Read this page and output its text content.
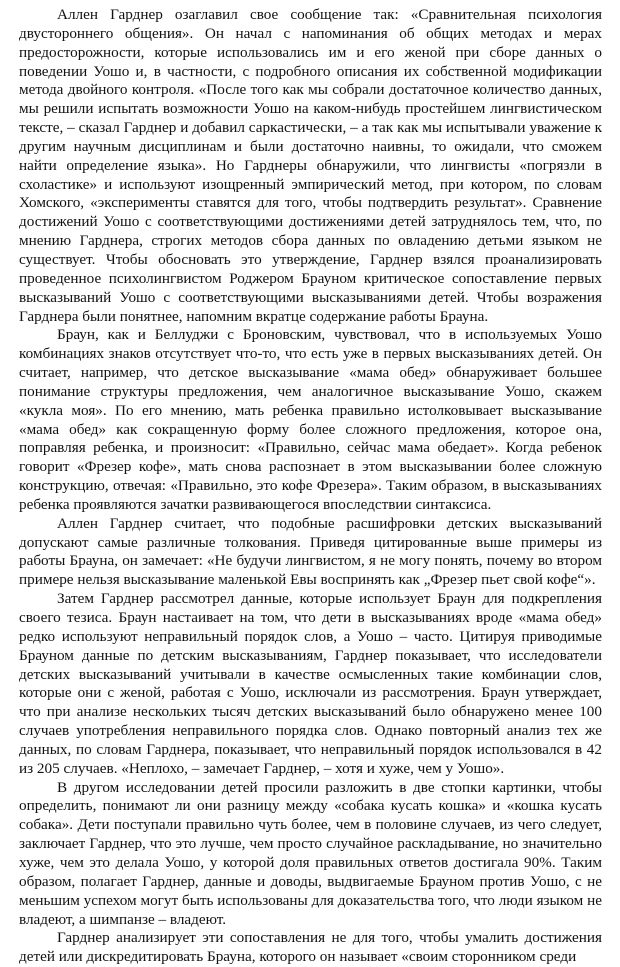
Аллен Гарднер озаглавил свое сообщение так: «Сравнительная психология двустороннего общения». Он начал с напоминания об общих методах и мерах предосторожности, которые использовались им и его женой при сборе данных о поведении Уошо и, в частности, с подробного описания их собственной модификации метода двойного контроля. «После того как мы собрали достаточное количество данных, мы решили испытать возможности Уошо на каком-нибудь простейшем лингвистическом тексте, – сказал Гарднер и добавил саркастически, – а так как мы испытывали уважение к другим научным дисциплинам и были достаточно наивны, то ожидали, что сможем найти определение языка». Но Гарднеры обнаружили, что лингвисты «погрязли в схоластике» и используют изощренный эмпирический метод, при котором, по словам Хомского, «эксперименты ставятся для того, чтобы подтвердить результат». Сравнение достижений Уошо с соответствующими достижениями детей затруднялось тем, что, по мнению Гарднера, строгих методов сбора данных по овладению детьми языком не существует. Чтобы обосновать это утверждение, Гарднер взялся проанализировать проведенное психолингвистом Роджером Брауном критическое сопоставление первых высказываний Уошо с соответствующими высказываниями детей. Чтобы возражения Гарднера были понятнее, напомним вкратце содержание работы Брауна.

Браун, как и Беллуджи с Броновским, чувствовал, что в используемых Уошо комбинациях знаков отсутствует что-то, что есть уже в первых высказываниях детей. Он считает, например, что детское высказывание «мама обед» обнаруживает большее понимание структуры предложения, чем аналогичное высказывание Уошо, скажем «кукла моя». По его мнению, мать ребенка правильно истолковывает высказывание «мама обед» как сокращенную форму более сложного предложения, которое она, поправляя ребенка, и произносит: «Правильно, сейчас мама обедает». Когда ребенок говорит «Фрезер кофе», мать снова распознает в этом высказывании более сложную конструкцию, отвечая: «Правильно, это кофе Фрезера». Таким образом, в высказываниях ребенка проявляются зачатки развивающегося впоследствии синтаксиса.

Аллен Гарднер считает, что подобные расшифровки детских высказываний допускают самые различные толкования. Приведя цитированные выше примеры из работы Брауна, он замечает: «Не будучи лингвистом, я не могу понять, почему во втором примере нельзя высказывание маленькой Евы воспринять как „Фрезер пьет свой кофе“».

Затем Гарднер рассмотрел данные, которые использует Браун для подкрепления своего тезиса. Браун настаивает на том, что дети в высказываниях вроде «мама обед» редко используют неправильный порядок слов, а Уошо – часто. Цитируя приводимые Брауном данные по детским высказываниям, Гарднер показывает, что исследователи детских высказываний учитывали в качестве осмысленных такие комбинации слов, которые они с женой, работая с Уошо, исключали из рассмотрения. Браун утверждает, что при анализе нескольких тысяч детских высказываний было обнаружено менее 100 случаев употребления неправильного порядка слов. Однако повторный анализ тех же данных, по словам Гарднера, показывает, что неправильный порядок использовался в 42 из 205 случаев. «Неплохо, – замечает Гарднер, – хотя и хуже, чем у Уошо».

В другом исследовании детей просили разложить в две стопки картинки, чтобы определить, понимают ли они разницу между «собака кусать кошка» и «кошка кусать собака». Дети поступали правильно чуть более, чем в половине случаев, из чего следует, заключает Гарднер, что это лучше, чем просто случайное раскладывание, но значительно хуже, чем это делала Уошо, у которой доля правильных ответов достигала 90%. Таким образом, полагает Гарднер, данные и доводы, выдвигаемые Брауном против Уошо, с не меньшим успехом могут быть использованы для доказательства того, что люди языком не владеют, а шимпанзе – владеют.

Гарднер анализирует эти сопоставления не для того, чтобы умалить достижения детей или дискредитировать Брауна, которого он называет «своим сторонником среди
